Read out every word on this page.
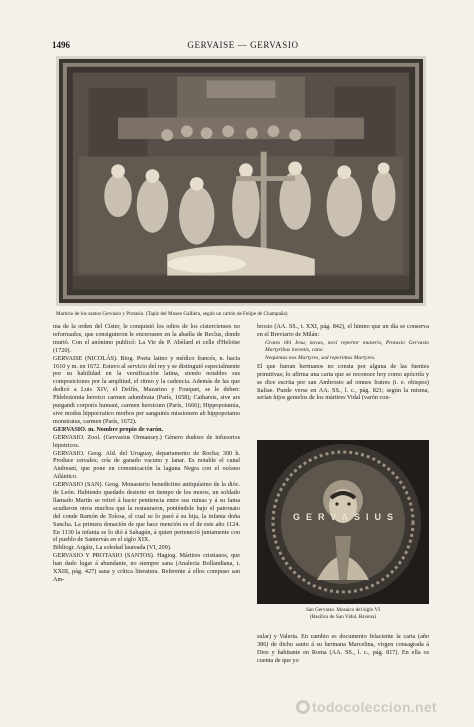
1496	GERVAISE — GERVASIO
Martirio de los santos Gervasio y Protasio. (Tapiz del Museo Galliera, según un cartón de Felipe de Champaña)

ma de la orden del Císter, le conquistó los odios de los cistercienses no reformados, que consiguieron le encerrasen en la abadía de Reclus, donde murió. Con el anónimo publicó: La Vie de P. Abélard et celle d'Heloïse (1720).

GERVAISE (NICOLÁS). Biog. Poeta latino y médico francés, n. hacia 1610 y m. en 1672. Estuvo al servicio del rey y se distinguió especialmente por su habilidad en la versificación latina, siendo notables sus composiciones por la amplitud, el ritmo y la cadencia. Además de las que dedicó a Luis XIV, el Delfín, Mazarino y Fouquet, se le deben: Phlebotomia heroico carmen adumbrata (París, 1658); Catharsis, sive ars purgandi corporis humani, carmen heroicum (París, 1666); Hippopotamia, sive modus hippocratico morbos per sanguinis missionem ab hippopotamo monstratus, carmen (París, 1672).

GERVASIO. m. Nombre propio de varón.

GERVASIO. Zool. (Gervasius Ormansey.) Género dudoso de infusorios hipotricos.

GERVASIO. Geog. Ald. del Uruguay, departamento de Rocha; 300 h. Produce cereales; cría de ganado vacuno y lanar. Es notable el canal Andreani, que pone en comunicación la laguna Negra con el océano Atlántico.

GERVASIO (SAN). Geog. Monasterio benedictino antiquísimo de la dióc. de León. Habiendo quedado desierto en tiempo de los moros, un soldado llamado Martín se retiró á hacer penitencia entre sus ruinas y á su fama acudieron otros muchos que la restauraron, poniéndole bajo el patronato del conde Ramón de Tolosa, el cual se lo pasó á su hija, la infanta doña Sancha. La primera donación de que hace mención es el de este año 1124. En 1130 la infanta se lo dió á Sahagún, á quien perteneció juntamente con el pueblo de Santervás en el siglo XIX.

Bibliogr. Argáiz, La soledad laureada (VI, 209).

GERVASIO Y PROTASIO (SANTOS). Hagiog. Mártires cristianos, que han dado lugar á abundante, no siempre sana (Analecta Bollandiana, t. XXIII, pág. 427) sana y crítica literatura. Referente á ellos compuso san Am-

brosio (AA. SS., t. XXI, pág. 842), el himno que un día se conserva en el Breviario de Milán:

Grates tibi Jesu, novas, novi repertor muneris, Protasio Gervasio Martyribus inventis, cano

Nequimus nos Martyres, sed reperimus Martyres.

El que fueran hermanos no consta por alguna de las fuentes primitivas; lo afirma una carta que se reconoce hoy como apócrifa y se dice escrita por san Ambrosio ad omnes fratres (i. e. obispos) Italiae. Puede verse en AA. SS., l. c., pág. 821; según la misma, serían hijos gemelos de los mártires Vidal (varón con-

GERVASIUS
San Gervasio. Mosaico del siglo VI
(Basílica de San Vidal, Ravena)

sular) y Valeria. En cambio es documento felaciente la carta (año 386) de dicho santo á su hermana Marcelina, virgen consagrada á Dios y habitante en Roma (AA. SS., l. c., pág. 817). En ella os cuenta de que yo

todocoleccion.net
